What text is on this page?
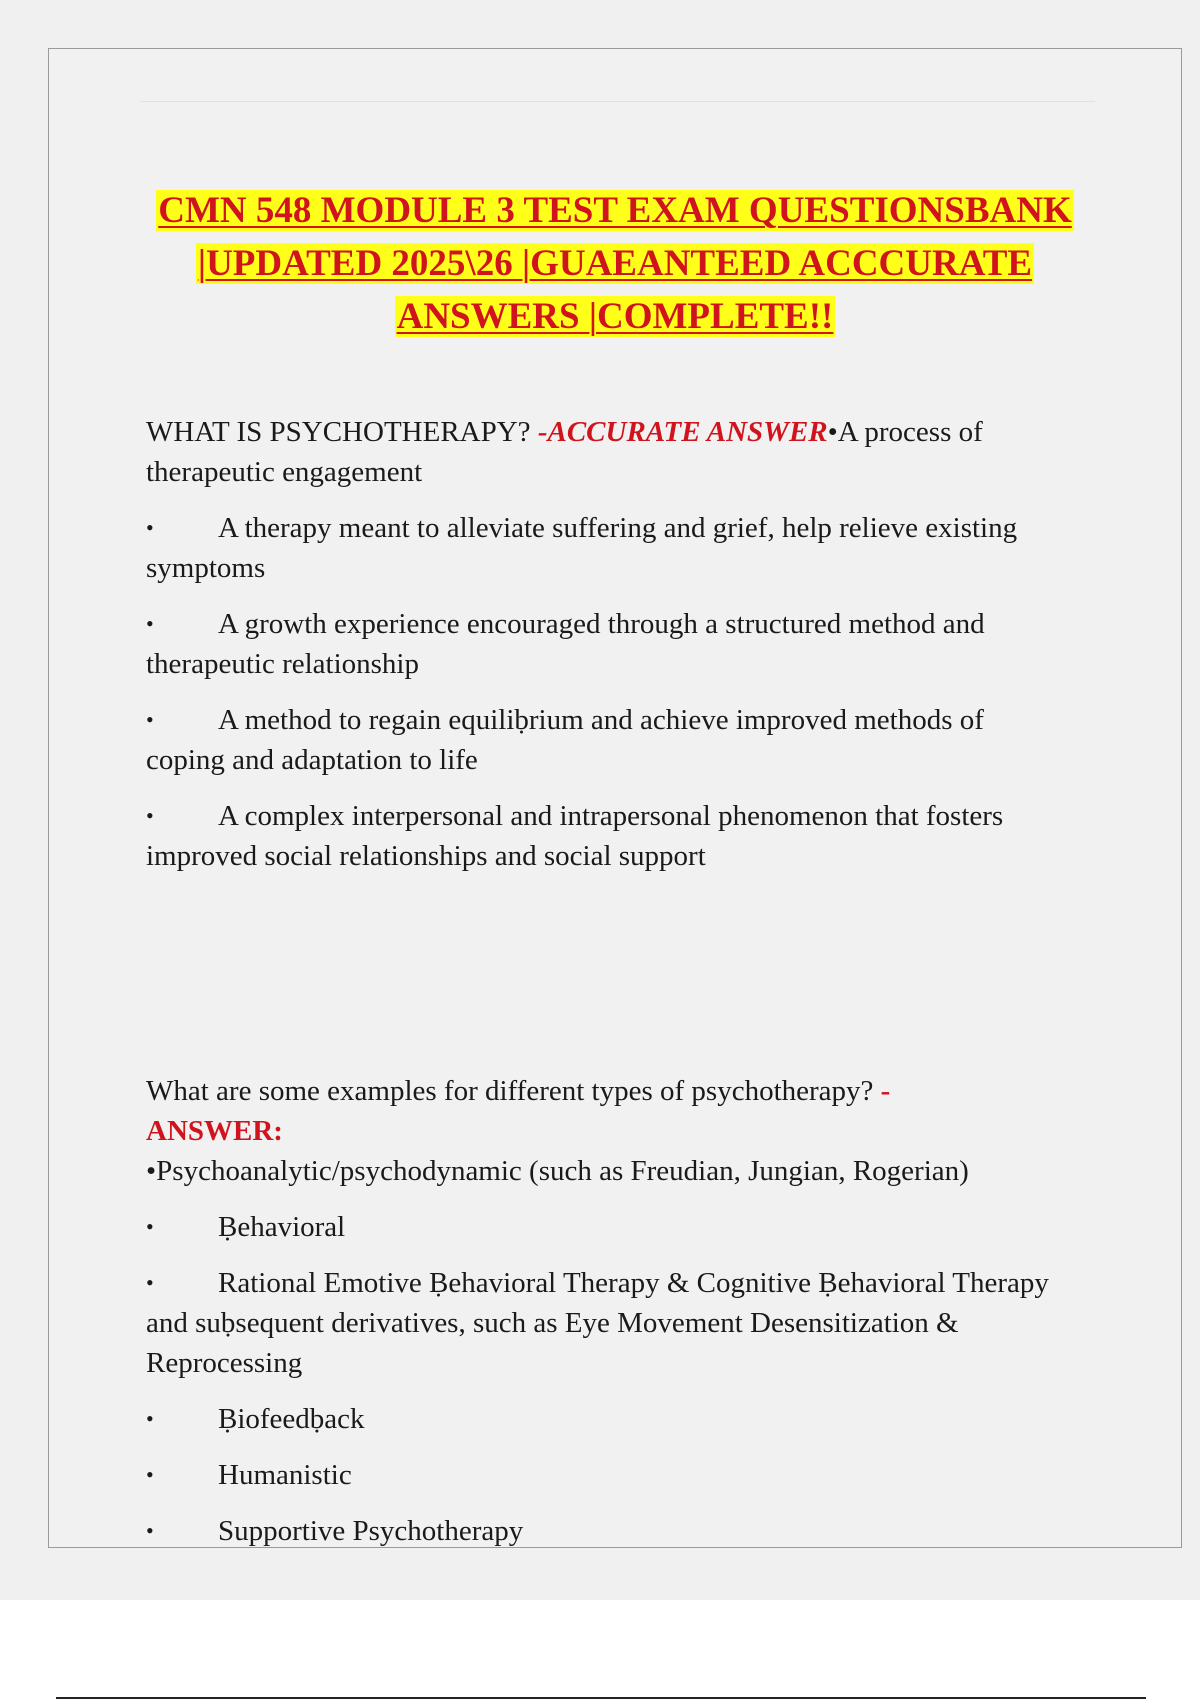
CMN 548 MODULE 3 TEST EXAM QUESTIONSBANK
|UPDATED 2025\26 |GUAEANTEED ACCCURATE
ANSWERS |COMPLETE!!

WHAT IS PSYCHOTHERAPY? -ACCURATE ANSWER•A process of therapeutic engagement

• A therapy meant to alleviate suffering and grief, help relieve existing symptoms
• A growth experience encouraged through a structured method and therapeutic relationship
• A method to regain equiliḅrium and achieve improved methods of coping and adaptation to life
• A complex interpersonal and intrapersonal phenomenon that fosters improved social relationships and social support

What are some examples for different types of psychotherapy? -
ANSWER:
•Psychoanalytic/psychodynamic (such as Freudian, Jungian, Rogerian)

• Ḅehavioral
• Rational Emotive Ḅehavioral Therapy & Cognitive Ḅehavioral Therapy and suḅsequent derivatives, such as Eye Movement Desensitization & Reprocessing
• Ḅiofeedḅack
• Humanistic
• Supportive Psychotherapy
